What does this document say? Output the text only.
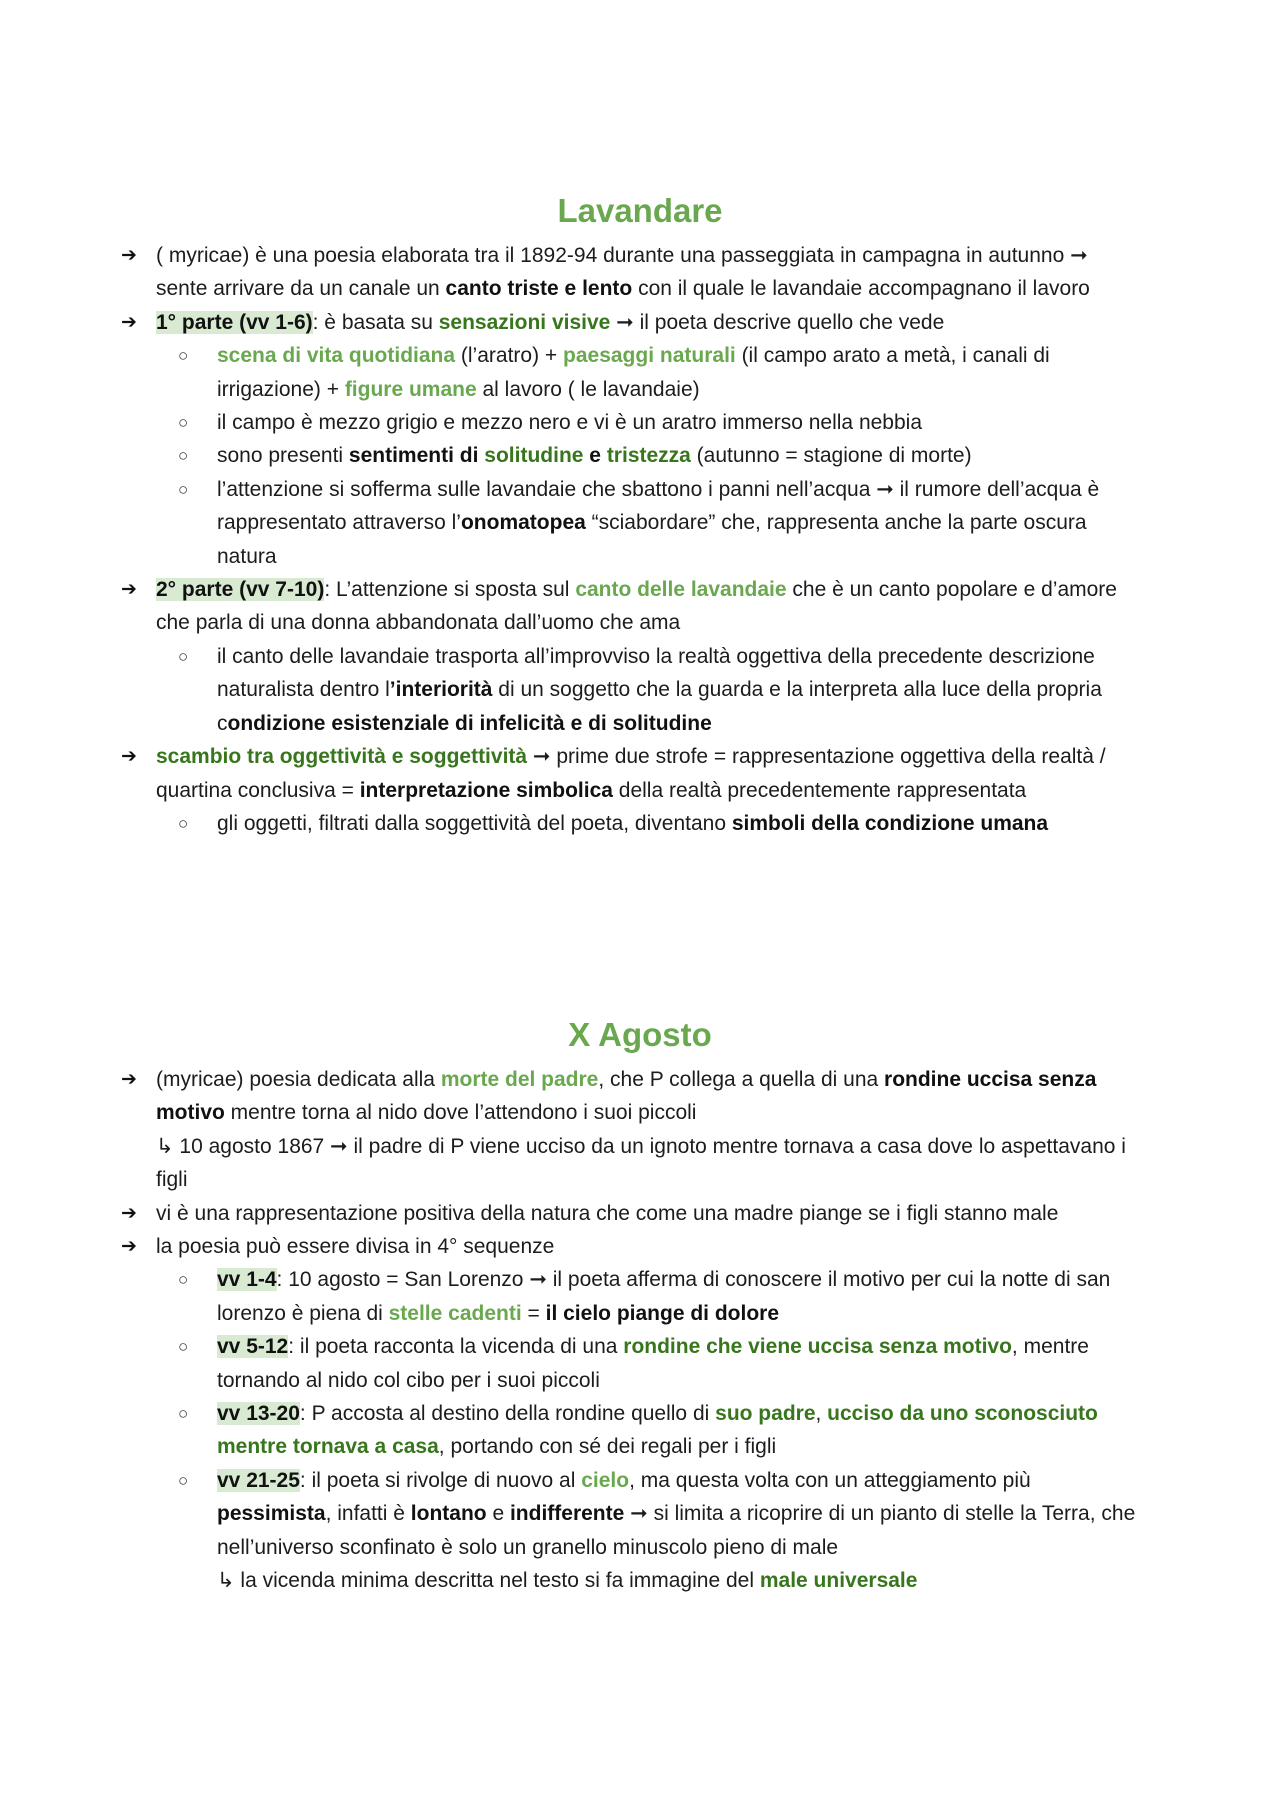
Lavandare
➔ ( myricae) è una poesia elaborata tra il 1892-94 durante una passeggiata in campagna in autunno ➞ sente arrivare da un canale un canto triste e lento con il quale le lavandaie accompagnano il lavoro
➔ 1° parte (vv 1-6): è basata su sensazioni visive ➞ il poeta descrive quello che vede
○ scena di vita quotidiana (l’aratro) + paesaggi naturali (il campo arato a metà, i canali di irrigazione) + figure umane al lavoro ( le lavandaie)
○ il campo è mezzo grigio e mezzo nero e vi è un aratro immerso nella nebbia
○ sono presenti sentimenti di solitudine e tristezza (autunno = stagione di morte)
○ l’attenzione si sofferma sulle lavandaie che sbattono i panni nell’acqua ➞ il rumore dell’acqua è rappresentato attraverso l’onomatopea “sciabordare” che, rappresenta anche la parte oscura natura
➔ 2° parte (vv 7-10): L’attenzione si sposta sul canto delle lavandaie che è un canto popolare e d’amore che parla di una donna abbandonata dall’uomo che ama
○ il canto delle lavandaie trasporta all’improvviso la realtà oggettiva della precedente descrizione naturalista dentro l’interiorità di un soggetto che la guarda e la interpreta alla luce della propria condizione esistenziale di infelicità e di solitudine
➔ scambio tra oggettività e soggettività ➞ prime due strofe = rappresentazione oggettiva della realtà / quartina conclusiva = interpretazione simbolica della realtà precedentemente rappresentata
○ gli oggetti, filtrati dalla soggettività del poeta, diventano simboli della condizione umana
X Agosto
➔ (myricae) poesia dedicata alla morte del padre, che P collega a quella di una rondine uccisa senza motivo mentre torna al nido dove l’attendono i suoi piccoli
↳ 10 agosto 1867 ➞ il padre di P viene ucciso da un ignoto mentre tornava a casa dove lo aspettavano i figli
➔ vi è una rappresentazione positiva della natura che come una madre piange se i figli stanno male
➔ la poesia può essere divisa in 4° sequenze
○ vv 1-4: 10 agosto = San Lorenzo ➞ il poeta afferma di conoscere il motivo per cui la notte di san lorenzo è piena di stelle cadenti = il cielo piange di dolore
○ vv 5-12: il poeta racconta la vicenda di una rondine che viene uccisa senza motivo, mentre tornando al nido col cibo per i suoi piccoli
○ vv 13-20: P accosta al destino della rondine quello di suo padre, ucciso da uno sconosciuto mentre tornava a casa, portando con sé dei regali per i figli
○ vv 21-25: il poeta si rivolge di nuovo al cielo, ma questa volta con un atteggiamento più pessimista, infatti è lontano e indifferente ➞ si limita a ricoprire di un pianto di stelle la Terra, che nell’universo sconfinato è solo un granello minuscolo pieno di male
↳ la vicenda minima descritta nel testo si fa immagine del male universale
